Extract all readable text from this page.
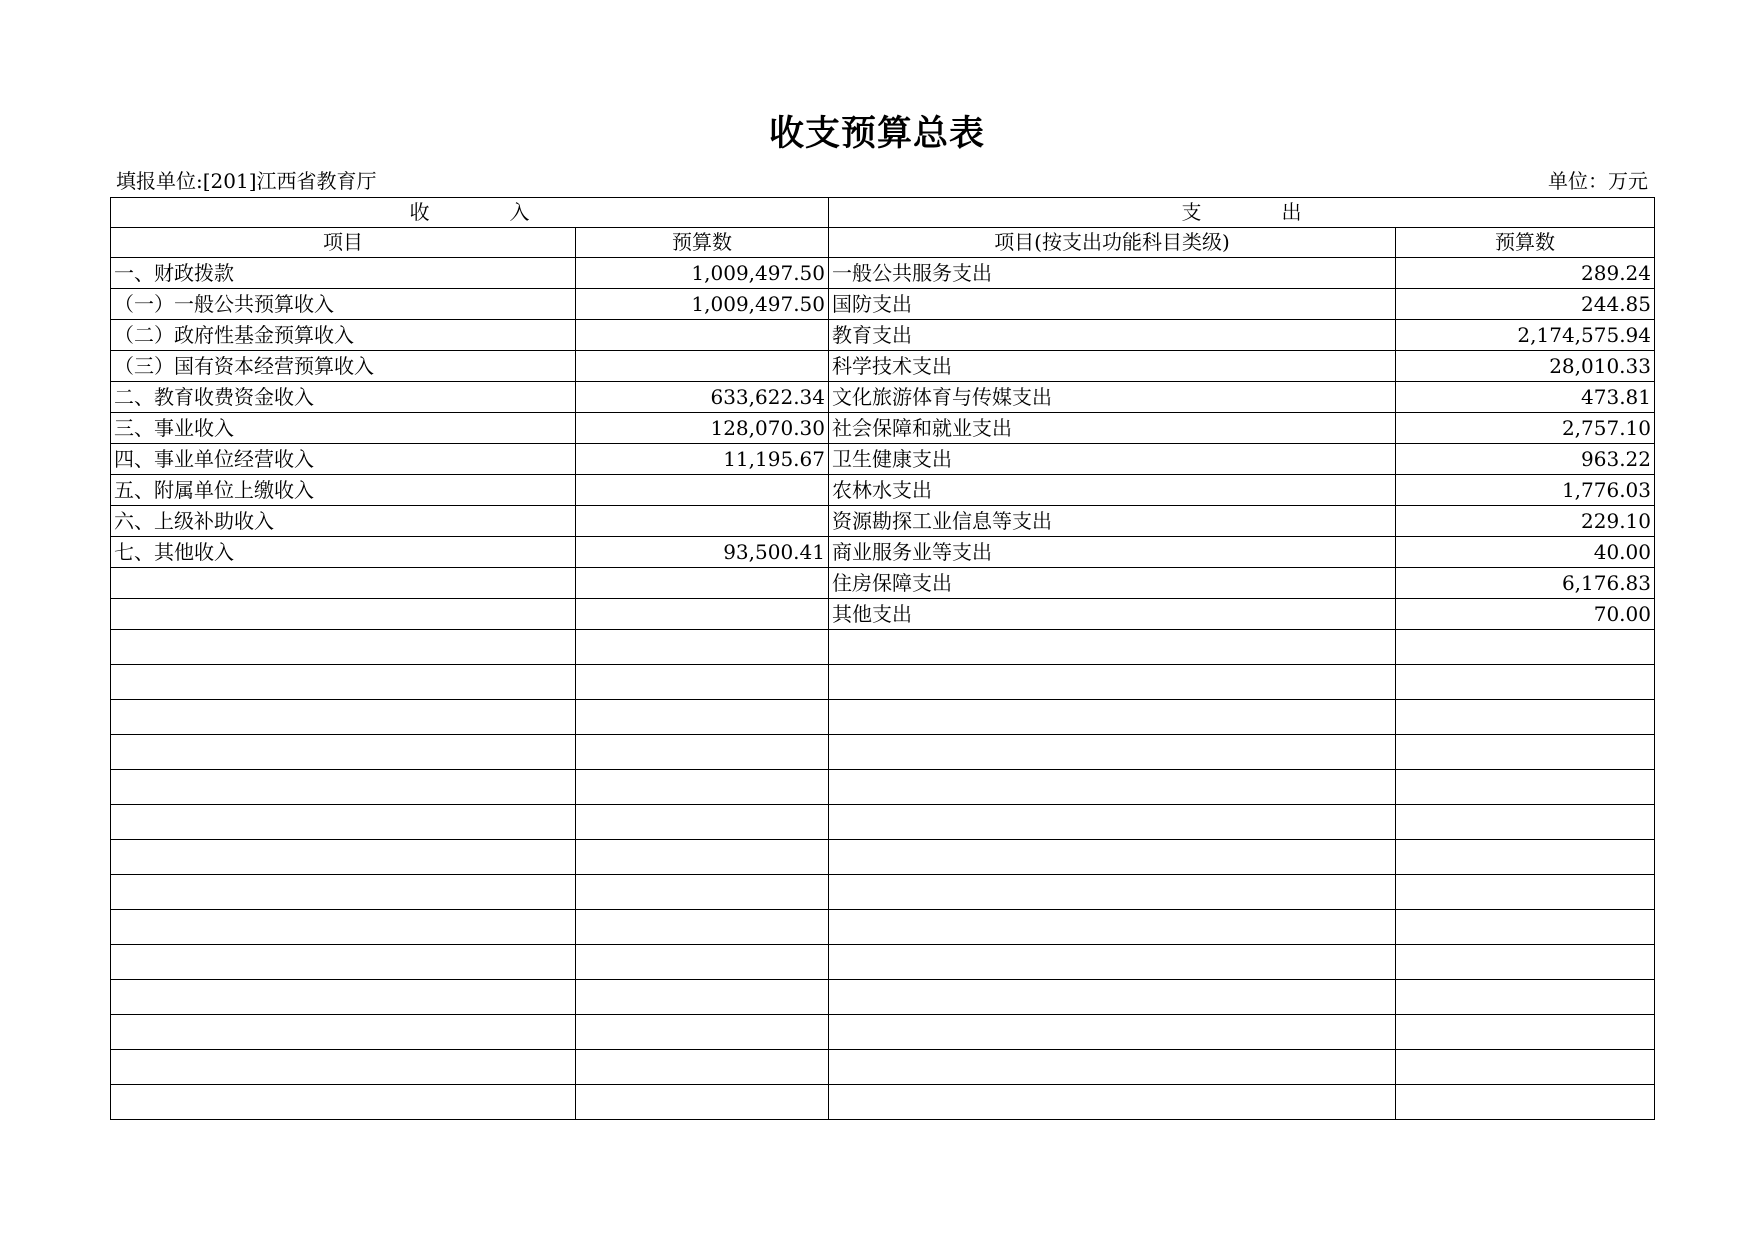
收支预算总表
填报单位:[201]江西省教育厅	单位：万元
收　　　　入		支　　　　出	
项目	预算数	项目(按支出功能科目类级)	预算数
一、财政拨款	1,009,497.50	一般公共服务支出	289.24
（一）一般公共预算收入	1,009,497.50	国防支出	244.85
（二）政府性基金预算收入		教育支出	2,174,575.94
（三）国有资本经营预算收入		科学技术支出	28,010.33
二、教育收费资金收入	633,622.34	文化旅游体育与传媒支出	473.81
三、事业收入	128,070.30	社会保障和就业支出	2,757.10
四、事业单位经营收入	11,195.67	卫生健康支出	963.22
五、附属单位上缴收入		农林水支出	1,776.03
六、上级补助收入		资源勘探工业信息等支出	229.10
七、其他收入	93,500.41	商业服务业等支出	40.00
		住房保障支出	6,176.83
		其他支出	70.00
